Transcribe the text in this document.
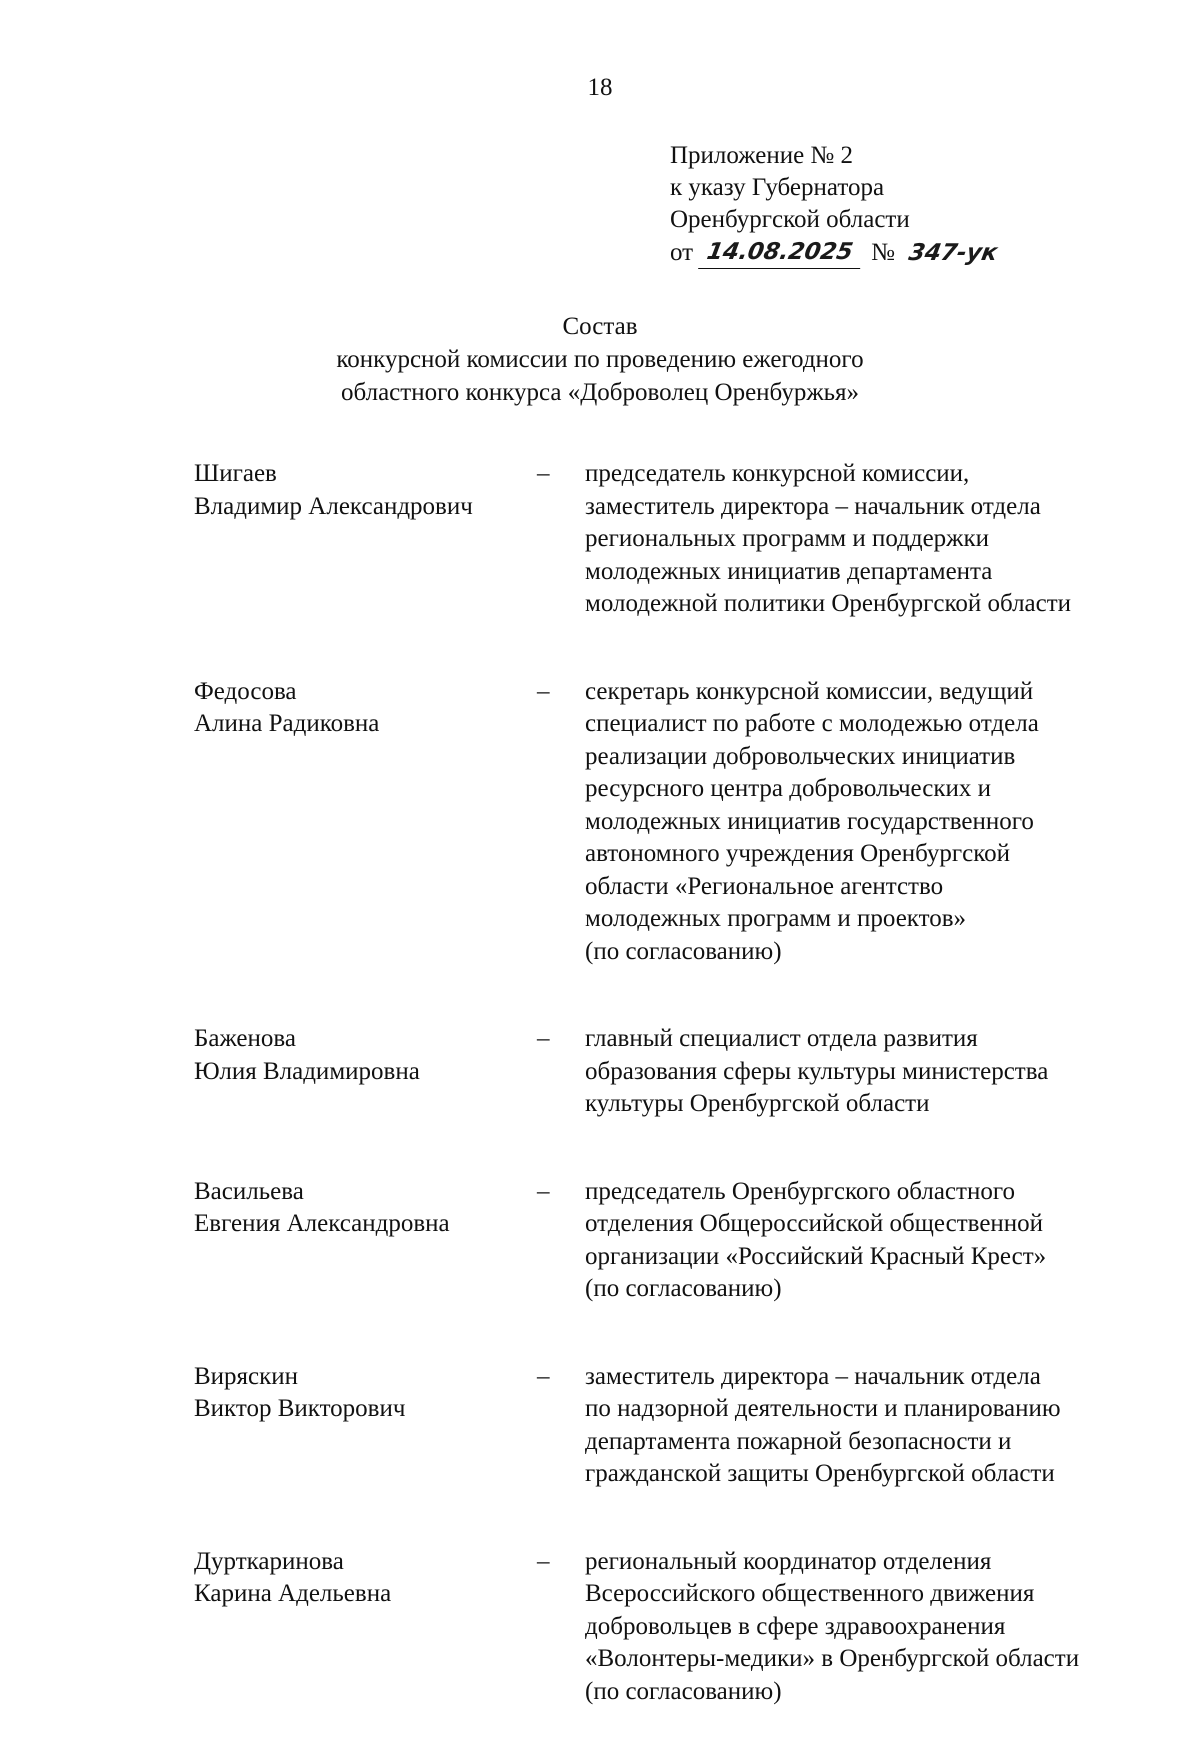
18
Приложение № 2
к указу Губернатора
Оренбургской области
от 14.08.2025 № 347-ук
Состав
конкурсной комиссии по проведению ежегодного
областного конкурса «Доброволец Оренбуржья»
Шигаев
Владимир Александрович
–	председатель конкурсной комиссии,
заместитель директора – начальник отдела
региональных программ и поддержки
молодежных инициатив департамента
молодежной политики Оренбургской области
Федосова
Алина Радиковна
–	секретарь конкурсной комиссии, ведущий
специалист по работе с молодежью отдела
реализации добровольческих инициатив
ресурсного центра добровольческих и
молодежных инициатив государственного
автономного учреждения Оренбургской
области «Региональное агентство
молодежных программ и проектов»
(по согласованию)
Баженова
Юлия Владимировна
–	главный специалист отдела развития
образования сферы культуры министерства
культуры Оренбургской области
Васильева
Евгения Александровна
–	председатель Оренбургского областного
отделения Общероссийской общественной
организации «Российский Красный Крест»
(по согласованию)
Виряскин
Виктор Викторович
–	заместитель директора – начальник отдела
по надзорной деятельности и планированию
департамента пожарной безопасности и
гражданской защиты Оренбургской области
Дурткаринова
Карина Адельевна
–	региональный координатор отделения
Всероссийского общественного движения
добровольцев в сфере здравоохранения
«Волонтеры-медики» в Оренбургской области
(по согласованию)
